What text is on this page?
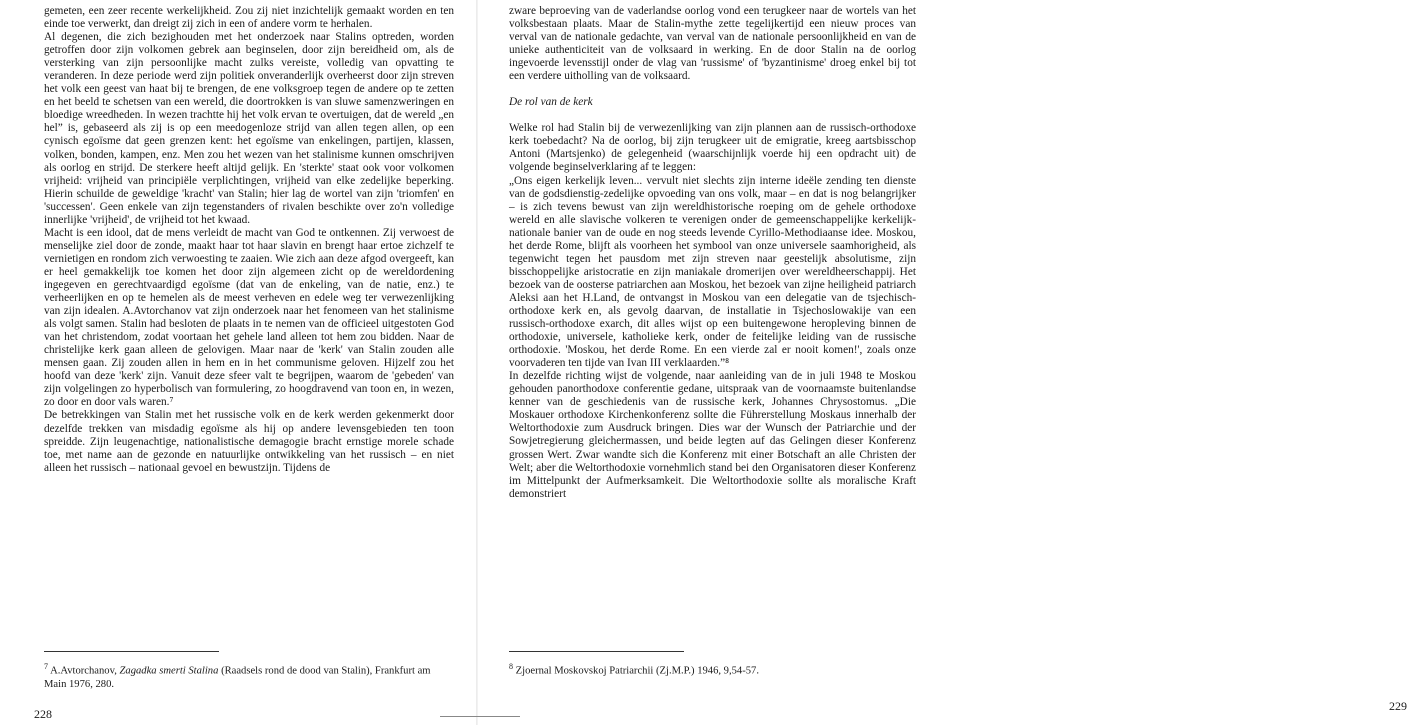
gemeten, een zeer recente werkelijkheid. Zou zij niet inzichtelijk gemaakt worden en ten einde toe verwerkt, dan dreigt zij zich in een of andere vorm te herhalen.

Al degenen, die zich bezighouden met het onderzoek naar Stalins optreden, worden getroffen door zijn volkomen gebrek aan beginselen, door zijn bereidheid om, als de versterking van zijn persoonlijke macht zulks vereiste, volledig van opvatting te veranderen. In deze periode werd zijn politiek onveranderlijk overheerst door zijn streven het volk een geest van haat bij te brengen, de ene volksgroep tegen de andere op te zetten en het beeld te schetsen van een wereld, die doortrokken is van sluwe samenzweringen en bloedige wreedheden. In wezen trachtte hij het volk ervan te overtuigen, dat de wereld „en hel” is, gebaseerd als zij is op een meedogenloze strijd van allen tegen allen, op een cynisch egoïsme dat geen grenzen kent: het egoïsme van enkelingen, partijen, klassen, volken, bonden, kampen, enz. Men zou het wezen van het stalinisme kunnen omschrijven als oorlog en strijd. De sterkere heeft altijd gelijk. En 'sterkte' staat ook voor volkomen vrijheid: vrijheid van principiële verplichtingen, vrijheid van elke zedelijke beperking. Hierin schuilde de geweldige 'kracht' van Stalin; hier lag de wortel van zijn 'triomfen' en 'successen'. Geen enkele van zijn tegenstanders of rivalen beschikte over zo'n volledige innerlijke 'vrijheid', de vrijheid tot het kwaad.

Macht is een idool, dat de mens verleidt de macht van God te ontkennen. Zij verwoest de menselijke ziel door de zonde, maakt haar tot haar slavin en brengt haar ertoe zichzelf te vernietigen en rondom zich verwoesting te zaaien. Wie zich aan deze afgod overgeeft, kan er heel gemakkelijk toe komen het door zijn algemeen zicht op de wereldordening ingegeven en gerechtvaardigd egoïsme (dat van de enkeling, van de natie, enz.) te verheerlijken en op te hemelen als de meest verheven en edele weg ter verwezenlijking van zijn idealen. A.Avtorchanov vat zijn onderzoek naar het fenomeen van het stalinisme als volgt samen. Stalin had besloten de plaats in te nemen van de officieel uitgestoten God van het christendom, zodat voortaan het gehele land alleen tot hem zou bidden. Naar de christelijke kerk gaan alleen de gelovigen. Maar naar de 'kerk' van Stalin zouden alle mensen gaan. Zij zouden allen in hem en in het communisme geloven. Hijzelf zou het hoofd van deze 'kerk' zijn. Vanuit deze sfeer valt te begrijpen, waarom de 'gebeden' van zijn volgelingen zo hyperbolisch van formulering, zo hoogdravend van toon en, in wezen, zo door en door vals waren.⁷

De betrekkingen van Stalin met het russische volk en de kerk werden gekenmerkt door dezelfde trekken van misdadig egoïsme als hij op andere levensgebieden ten toon spreidde. Zijn leugenachtige, nationalistische demagogie bracht ernstige morele schade toe, met name aan de gezonde en natuurlijke ontwikkeling van het russisch – en niet alleen het russisch – nationaal gevoel en bewustzijn. Tijdens de

$^7$ A.Avtorchanov, Zagadka smerti Stalina (Raadsels rond de dood van Stalin), Frankfurt am Main 1976, 280.
228

zware beproeving van de vaderlandse oorlog vond een terugkeer naar de wortels van het volksbestaan plaats. Maar de Stalin-mythe zette tegelijkertijd een nieuw proces van verval van de nationale gedachte, van verval van de nationale persoonlijkheid en van de unieke authenticiteit van de volksaard in werking. En de door Stalin na de oorlog ingevoerde levensstijl onder de vlag van 'russisme' of 'byzantinisme' droeg enkel bij tot een verdere uitholling van de volksaard.

De rol van de kerk

Welke rol had Stalin bij de verwezenlijking van zijn plannen aan de russisch-orthodoxe kerk toebedacht? Na de oorlog, bij zijn terugkeer uit de emigratie, kreeg aartsbisschop Antoni (Martsjenko) de gelegenheid (waarschijnlijk voerde hij een opdracht uit) de volgende beginselverklaring af te leggen:

„Ons eigen kerkelijk leven... vervult niet slechts zijn interne ideële zending ten dienste van de godsdienstig-zedelijke opvoeding van ons volk, maar – en dat is nog belangrijker – is zich tevens bewust van zijn wereldhistorische roeping om de gehele orthodoxe wereld en alle slavische volkeren te verenigen onder de gemeenschappelijke kerkelijk-nationale banier van de oude en nog steeds levende Cyrillo-Methodiaanse idee. Moskou, het derde Rome, blijft als voorheen het symbool van onze universele saamhorigheid, als tegenwicht tegen het pausdom met zijn streven naar geestelijk absolutisme, zijn bisschoppelijke aristocratie en zijn maniakale dromerijen over wereldheerschappij. Het bezoek van de oosterse patriarchen aan Moskou, het bezoek van zijne heiligheid patriarch Aleksi aan het H.Land, de ontvangst in Moskou van een delegatie van de tsjechisch-orthodoxe kerk en, als gevolg daarvan, de installatie in Tsjechoslowakije van een russisch-orthodoxe exarch, dit alles wijst op een buitengewone heropleving binnen de orthodoxie, universele, katholieke kerk, onder de feitelijke leiding van de russische orthodoxie. 'Moskou, het derde Rome. En een vierde zal er nooit komen!', zoals onze voorvaderen ten tijde van Ivan III verklaarden.”⁸

In dezelfde richting wijst de volgende, naar aanleiding van de in juli 1948 te Moskou gehouden panorthodoxe conferentie gedane, uitspraak van de voornaamste buitenlandse kenner van de geschiedenis van de russische kerk, Johannes Chrysostomus. „Die Moskauer orthodoxe Kirchenkonferenz sollte die Führerstellung Moskaus innerhalb der Weltorthodoxie zum Ausdruck bringen. Dies war der Wunsch der Patriarchie und der Sowjetregierung gleichermassen, und beide legten auf das Gelingen dieser Konferenz grossen Wert. Zwar wandte sich die Konferenz mit einer Botschaft an alle Christen der Welt; aber die Weltorthodoxie vornehmlich stand bei den Organisatoren dieser Konferenz im Mittelpunkt der Aufmerksamkeit. Die Weltorthodoxie sollte als moralische Kraft demonstriert

$^8$ Zjoernal Moskovskoj Patriarchii (Zj.M.P.) 1946, 9,54-57.
229
